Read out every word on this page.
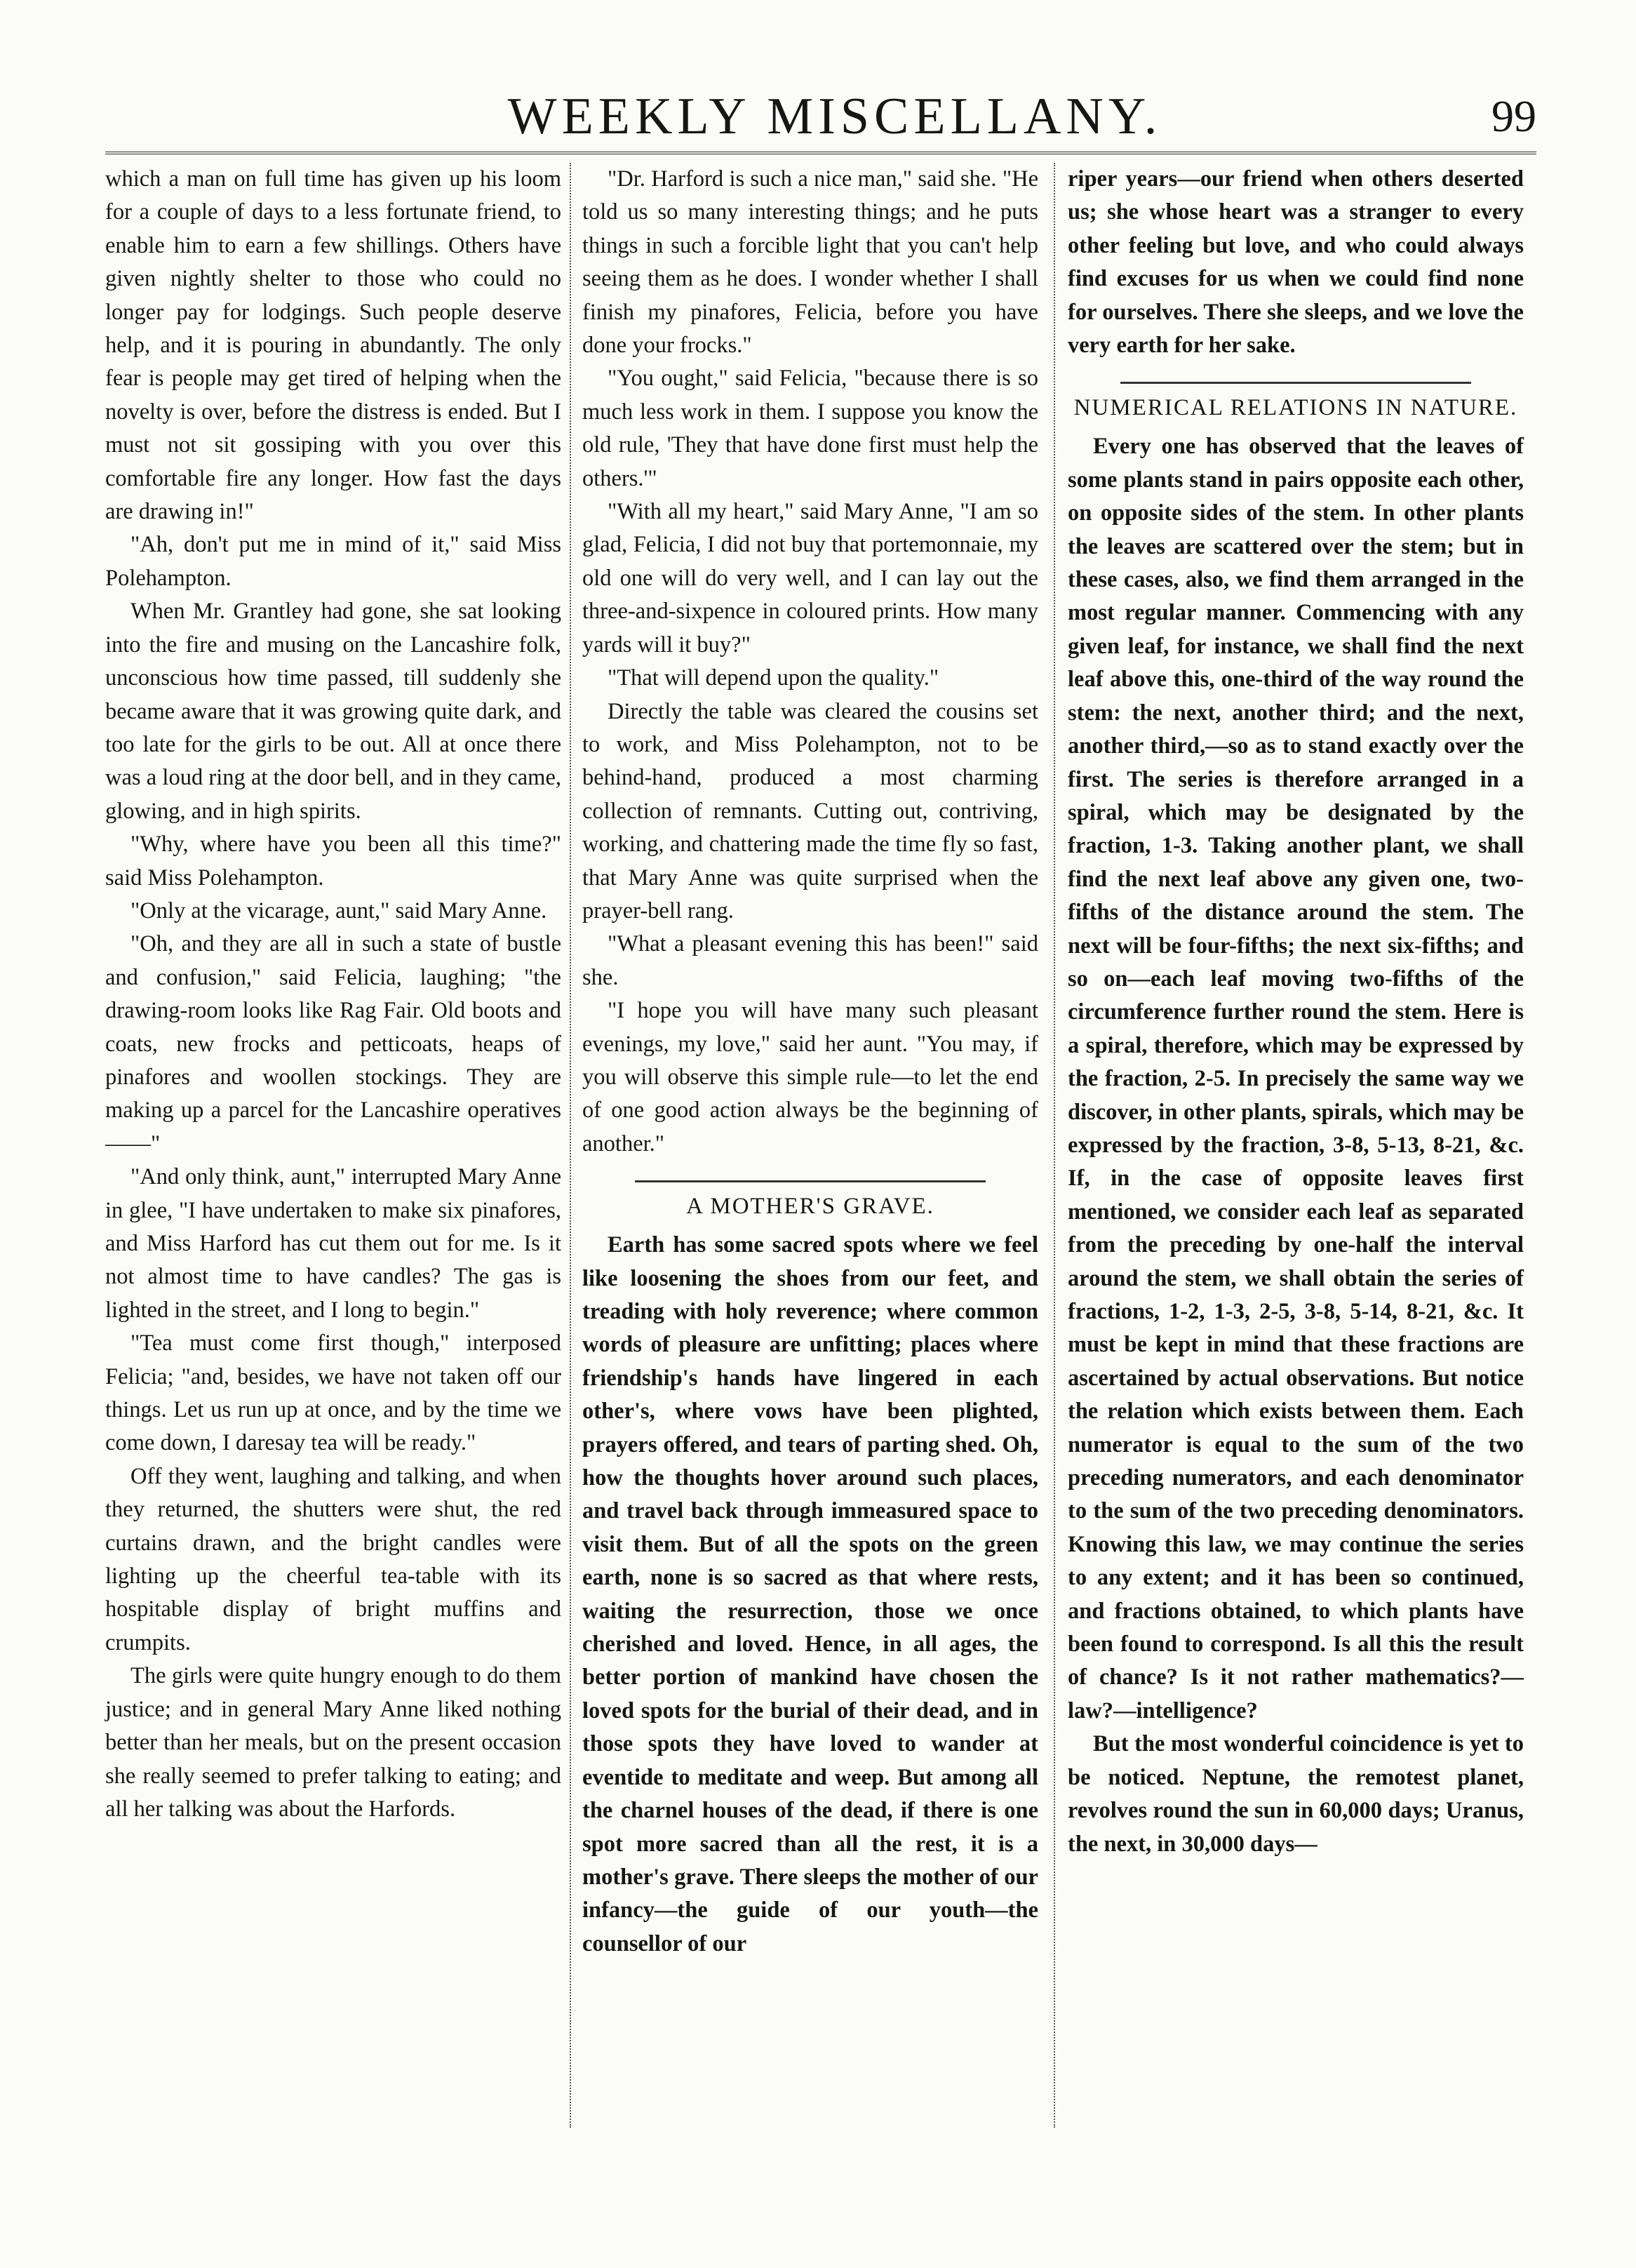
WEEKLY MISCELLANY.	99

which a man on full time has given up his loom for a couple of days to a less fortunate friend, to enable him to earn a few shillings. Others have given nightly shelter to those who could no longer pay for lodgings. Such people deserve help, and it is pouring in abundantly. The only fear is people may get tired of helping when the novelty is over, before the distress is ended. But I must not sit gossiping with you over this comfortable fire any longer. How fast the days are drawing in!"

"Ah, don't put me in mind of it," said Miss Polehampton.

When Mr. Grantley had gone, she sat looking into the fire and musing on the Lancashire folk, unconscious how time passed, till suddenly she became aware that it was growing quite dark, and too late for the girls to be out. All at once there was a loud ring at the door bell, and in they came, glowing, and in high spirits.

"Why, where have you been all this time?" said Miss Polehampton.

"Only at the vicarage, aunt," said Mary Anne.

"Oh, and they are all in such a state of bustle and confusion," said Felicia, laughing; "the drawing-room looks like Rag Fair. Old boots and coats, new frocks and petticoats, heaps of pinafores and woollen stockings. They are making up a parcel for the Lancashire operatives——"

"And only think, aunt," interrupted Mary Anne in glee, "I have undertaken to make six pinafores, and Miss Harford has cut them out for me. Is it not almost time to have candles? The gas is lighted in the street, and I long to begin."

"Tea must come first though," interposed Felicia; "and, besides, we have not taken off our things. Let us run up at once, and by the time we come down, I daresay tea will be ready."

Off they went, laughing and talking, and when they returned, the shutters were shut, the red curtains drawn, and the bright candles were lighting up the cheerful tea-table with its hospitable display of bright muffins and crumpits.

The girls were quite hungry enough to do them justice; and in general Mary Anne liked nothing better than her meals, but on the present occasion she really seemed to prefer talking to eating; and all her talking was about the Harfords.

"Dr. Harford is such a nice man," said she. "He told us so many interesting things; and he puts things in such a forcible light that you can't help seeing them as he does. I wonder whether I shall finish my pinafores, Felicia, before you have done your frocks."

"You ought," said Felicia, "because there is so much less work in them. I suppose you know the old rule, 'They that have done first must help the others.'"

"With all my heart," said Mary Anne, "I am so glad, Felicia, I did not buy that portemonnaie, my old one will do very well, and I can lay out the three-and-sixpence in coloured prints. How many yards will it buy?"

"That will depend upon the quality."

Directly the table was cleared the cousins set to work, and Miss Polehampton, not to be behind-hand, produced a most charming collection of remnants. Cutting out, contriving, working, and chattering made the time fly so fast, that Mary Anne was quite surprised when the prayer-bell rang.

"What a pleasant evening this has been!" said she.

"I hope you will have many such pleasant evenings, my love," said her aunt. "You may, if you will observe this simple rule—to let the end of one good action always be the beginning of another."

A MOTHER'S GRAVE.

Earth has some sacred spots where we feel like loosening the shoes from our feet, and treading with holy reverence; where common words of pleasure are unfitting; places where friendship's hands have lingered in each other's, where vows have been plighted, prayers offered, and tears of parting shed. Oh, how the thoughts hover around such places, and travel back through immeasured space to visit them. But of all the spots on the green earth, none is so sacred as that where rests, waiting the resurrection, those we once cherished and loved. Hence, in all ages, the better portion of mankind have chosen the loved spots for the burial of their dead, and in those spots they have loved to wander at eventide to meditate and weep. But among all the charnel houses of the dead, if there is one spot more sacred than all the rest, it is a mother's grave. There sleeps the mother of our infancy—the guide of our youth—the counsellor of our

riper years—our friend when others deserted us; she whose heart was a stranger to every other feeling but love, and who could always find excuses for us when we could find none for ourselves. There she sleeps, and we love the very earth for her sake.

NUMERICAL RELATIONS IN NATURE.

Every one has observed that the leaves of some plants stand in pairs opposite each other, on opposite sides of the stem. In other plants the leaves are scattered over the stem; but in these cases, also, we find them arranged in the most regular manner. Commencing with any given leaf, for instance, we shall find the next leaf above this, one-third of the way round the stem: the next, another third; and the next, another third,—so as to stand exactly over the first. The series is therefore arranged in a spiral, which may be designated by the fraction, 1-3. Taking another plant, we shall find the next leaf above any given one, two-fifths of the distance around the stem. The next will be four-fifths; the next six-fifths; and so on—each leaf moving two-fifths of the circumference further round the stem. Here is a spiral, therefore, which may be expressed by the fraction, 2-5. In precisely the same way we discover, in other plants, spirals, which may be expressed by the fraction, 3-8, 5-13, 8-21, &c. If, in the case of opposite leaves first mentioned, we consider each leaf as separated from the preceding by one-half the interval around the stem, we shall obtain the series of fractions, 1-2, 1-3, 2-5, 3-8, 5-14, 8-21, &c. It must be kept in mind that these fractions are ascertained by actual observations. But notice the relation which exists between them. Each numerator is equal to the sum of the two preceding numerators, and each denominator to the sum of the two preceding denominators. Knowing this law, we may continue the series to any extent; and it has been so continued, and fractions obtained, to which plants have been found to correspond. Is all this the result of chance? Is it not rather mathematics?—law?—intelligence?

But the most wonderful coincidence is yet to be noticed. Neptune, the remotest planet, revolves round the sun in 60,000 days; Uranus, the next, in 30,000 days—
